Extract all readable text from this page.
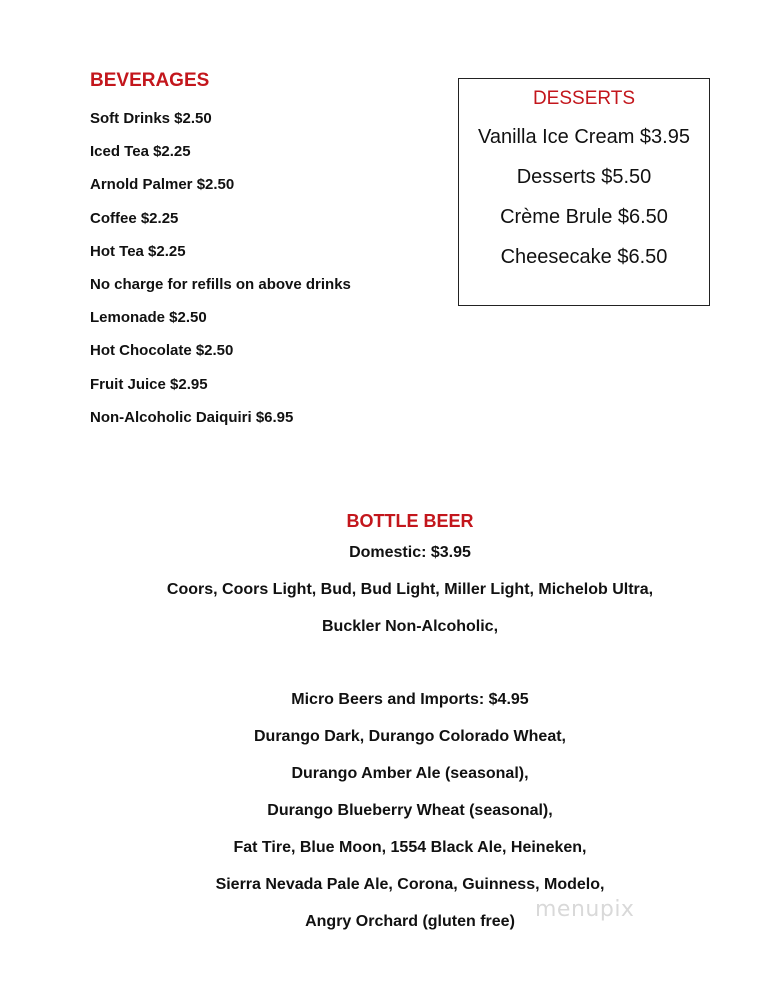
BEVERAGES
Soft Drinks $2.50
Iced Tea $2.25
Arnold Palmer $2.50
Coffee $2.25
Hot Tea $2.25
No charge for refills on above drinks
Lemonade $2.50
Hot Chocolate $2.50
Fruit Juice $2.95
Non-Alcoholic Daiquiri $6.95
DESSERTS
Vanilla Ice Cream $3.95
Desserts $5.50
Crème Brule $6.50
Cheesecake $6.50
BOTTLE BEER
Domestic: $3.95
Coors, Coors Light, Bud, Bud Light, Miller Light, Michelob Ultra,
Buckler Non-Alcoholic,
Micro Beers and Imports: $4.95
Durango Dark, Durango Colorado Wheat,
Durango Amber Ale (seasonal),
Durango Blueberry Wheat (seasonal),
Fat Tire, Blue Moon, 1554 Black Ale, Heineken,
Sierra Nevada Pale Ale, Corona, Guinness, Modelo,
Angry Orchard (gluten free) menupix
